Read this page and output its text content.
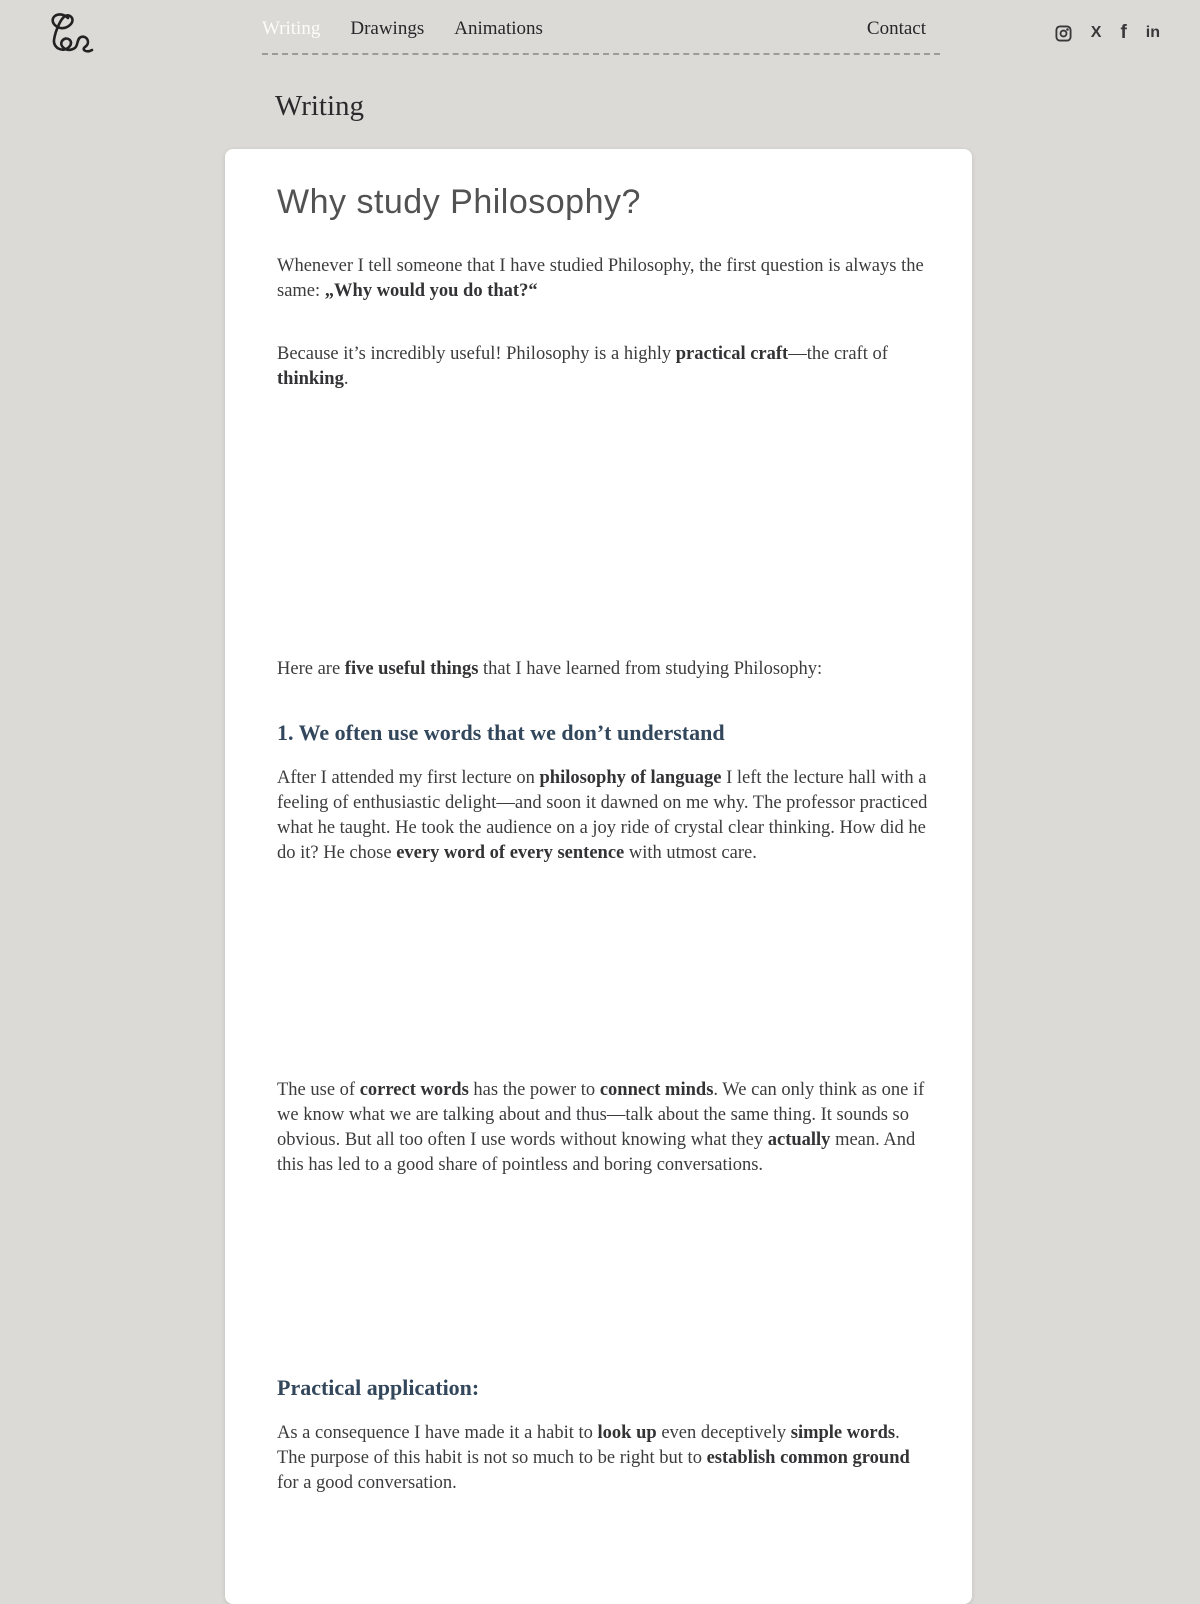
Writing Drawings Animations	Contact	X f in
Writing
Why study Philosophy?

Whenever I tell someone that I have studied Philosophy, the first question is always the same: „Why would you do that?“

Because it’s incredibly useful! Philosophy is a highly practical craft—the craft of thinking.

Here are five useful things that I have learned from studying Philosophy:

1. We often use words that we don’t understand

After I attended my first lecture on philosophy of language I left the lecture hall with a feeling of enthusiastic delight—and soon it dawned on me why. The professor practiced what he taught. He took the audience on a joy ride of crystal clear thinking. How did he do it? He chose every word of every sentence with utmost care.

The use of correct words has the power to connect minds. We can only think as one if we know what we are talking about and thus—talk about the same thing. It sounds so obvious. But all too often I use words without knowing what they actually mean. And this has led to a good share of pointless and boring conversations.

Practical application:

As a consequence I have made it a habit to look up even deceptively simple words. The purpose of this habit is not so much to be right but to establish common ground for a good conversation.
